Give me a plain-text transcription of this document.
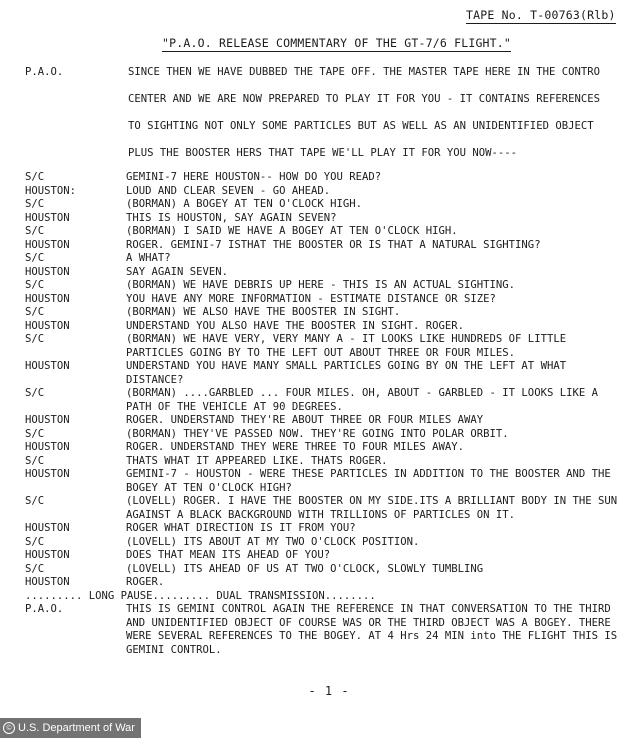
TAPE No. T-00763(Rlb)
"P.A.O. RELEASE COMMENTARY OF THE GT-7/6 FLIGHT."
P.A.O.	SINCE THEN WE HAVE DUBBED THE TAPE OFF. THE MASTER TAPE HERE IN THE CONTRO
CENTER AND WE ARE NOW PREPARED TO PLAY IT FOR YOU - IT CONTAINS REFERENCES
TO SIGHTING NOT ONLY SOME PARTICLES BUT AS WELL AS AN UNIDENTIFIED OBJECT
PLUS THE BOOSTER HERS THAT TAPE WE'LL PLAY IT FOR YOU NOW----
S/C	GEMINI-7 HERE HOUSTON-- HOW DO YOU READ?
HOUSTON:	LOUD AND CLEAR SEVEN - GO AHEAD.
S/C	(BORMAN) A BOGEY AT TEN O'CLOCK HIGH.
HOUSTON	THIS IS HOUSTON, SAY AGAIN SEVEN?
S/C	(BORMAN) I SAID WE HAVE A BOGEY AT TEN O'CLOCK HIGH.
HOUSTON	ROGER. GEMINI-7 ISTHAT THE BOOSTER OR IS THAT A NATURAL SIGHTING?
S/C	A WHAT?
HOUSTON	SAY AGAIN SEVEN.
S/C	(BORMAN) WE HAVE DEBRIS UP HERE - THIS IS AN ACTUAL SIGHTING.
HOUSTON	YOU HAVE ANY MORE INFORMATION - ESTIMATE DISTANCE OR SIZE?
S/C	(BORMAN) WE ALSO HAVE THE BOOSTER IN SIGHT.
HOUSTON	UNDERSTAND YOU ALSO HAVE THE BOOSTER IN SIGHT. ROGER.
S/C	(BORMAN) WE HAVE VERY, VERY MANY A - IT LOOKS LIKE HUNDREDS OF LITTLE PARTICLES GOING BY TO THE LEFT OUT ABOUT THREE OR FOUR MILES.
HOUSTON	UNDERSTAND YOU HAVE MANY SMALL PARTICLES GOING BY ON THE LEFT AT WHAT DISTANCE?
S/C	(BORMAN) ....GARBLED ... FOUR MILES. OH, ABOUT - GARBLED - IT LOOKS LIKE A PATH OF THE VEHICLE AT 90 DEGREES.
HOUSTON	ROGER. UNDERSTAND THEY'RE ABOUT THREE OR FOUR MILES AWAY
S/C	(BORMAN) THEY'VE PASSED NOW. THEY'RE GOING INTO POLAR ORBIT.
HOUSTON	ROGER. UNDERSTAND THEY WERE THREE TO FOUR MILES AWAY.
S/C	THATS WHAT IT APPEARED LIKE. THATS ROGER.
HOUSTON	GEMINI-7 - HOUSTON - WERE THESE PARTICLES IN ADDITION TO THE BOOSTER AND THE BOGEY AT TEN O'CLOCK HIGH?
S/C	(LOVELL) ROGER. I HAVE THE BOOSTER ON MY SIDE.ITS A BRILLIANT BODY IN THE SUN AGAINST A BLACK BACKGROUND WITH TRILLIONS OF PARTICLES ON IT.
HOUSTON	ROGER WHAT DIRECTION IS IT FROM YOU?
S/C	(LOVELL) ITS ABOUT AT MY TWO O'CLOCK POSITION.
HOUSTON	DOES THAT MEAN ITS AHEAD OF YOU?
S/C	(LOVELL) ITS AHEAD OF US AT TWO O'CLOCK, SLOWLY TUMBLING
HOUSTON	ROGER.
......... LONG PAUSE......... DUAL TRANSMISSION........
P.A.O.	THIS IS GEMINI CONTROL AGAIN THE REFERENCE IN THAT CONVERSATION TO THE THIRD AND UNIDENTIFIED OBJECT OF COURSE WAS OR THE THIRD OBJECT WAS A BOGEY. THERE WERE SEVERAL REFERENCES TO THE BOGEY. AT 4 Hrs 24 MIN into THE FLIGHT THIS IS GEMINI CONTROL.
- 1 -
© U.S. Department of War
